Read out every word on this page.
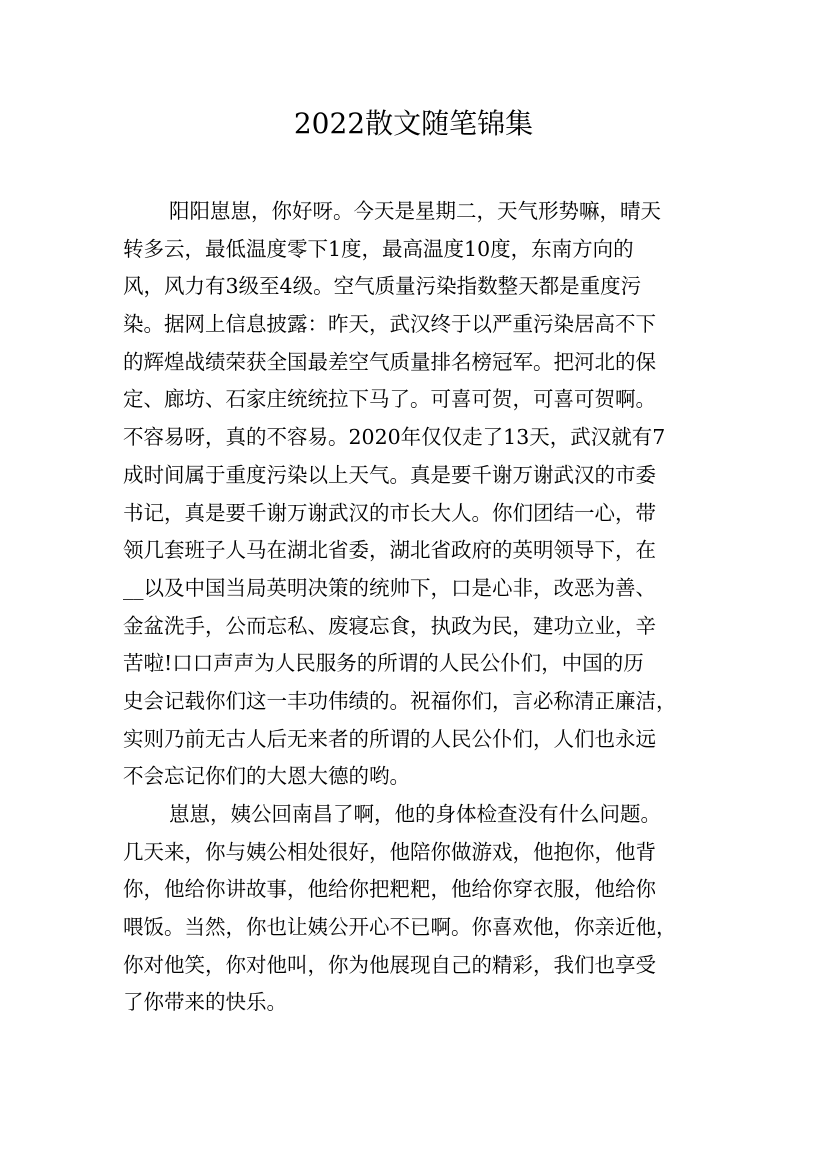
2022散文随笔锦集
阳阳崽崽，你好呀。今天是星期二，天气形势嘛，晴天
转多云，最低温度零下1度，最高温度10度，东南方向的
风，风力有3级至4级。空气质量污染指数整天都是重度污
染。据网上信息披露：昨天，武汉终于以严重污染居高不下
的辉煌战绩荣获全国最差空气质量排名榜冠军。把河北的保
定、廊坊、石家庄统统拉下马了。可喜可贺，可喜可贺啊。
不容易呀，真的不容易。2020年仅仅走了13天，武汉就有7
成时间属于重度污染以上天气。真是要千谢万谢武汉的市委
书记，真是要千谢万谢武汉的市长大人。你们团结一心，带
领几套班子人马在湖北省委，湖北省政府的英明领导下，在
__以及中国当局英明决策的统帅下，口是心非，改恶为善、
金盆洗手，公而忘私、废寝忘食，执政为民，建功立业，辛
苦啦!口口声声为人民服务的所谓的人民公仆们，中国的历
史会记载你们这一丰功伟绩的。祝福你们，言必称清正廉洁，
实则乃前无古人后无来者的所谓的人民公仆们，人们也永远
不会忘记你们的大恩大德的哟。
崽崽，姨公回南昌了啊，他的身体检查没有什么问题。
几天来，你与姨公相处很好，他陪你做游戏，他抱你，他背
你，他给你讲故事，他给你把粑粑，他给你穿衣服，他给你
喂饭。当然，你也让姨公开心不已啊。你喜欢他，你亲近他，
你对他笑，你对他叫，你为他展现自己的精彩，我们也享受
了你带来的快乐。
